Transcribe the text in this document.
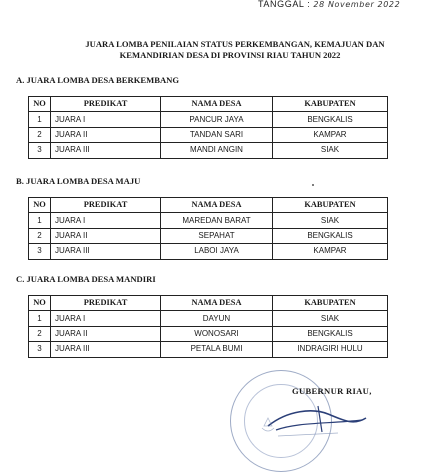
TANGGAL : 28 November 2022
JUARA LOMBA PENILAIAN STATUS PERKEMBANGAN, KEMAJUAN DAN
KEMANDIRIAN DESA DI PROVINSI RIAU TAHUN 2022
A. JUARA LOMBA DESA BERKEMBANG
NO	PREDIKAT	NAMA DESA	KABUPATEN
1	JUARA I	PANCUR JAYA	BENGKALIS
2	JUARA II	TANDAN SARI	KAMPAR
3	JUARA III	MANDI ANGIN	SIAK
B. JUARA LOMBA DESA MAJU
NO	PREDIKAT	NAMA DESA	KABUPATEN
1	JUARA I	MAREDAN BARAT	SIAK
2	JUARA II	SEPAHAT	BENGKALIS
3	JUARA III	LABOI JAYA	KAMPAR
C. JUARA LOMBA DESA MANDIRI
NO	PREDIKAT	NAMA DESA	KABUPATEN
1	JUARA I	DAYUN	SIAK
2	JUARA II	WONOSARI	BENGKALIS
3	JUARA III	PETALA BUMI	INDRAGIRI HULU
GUBERNUR RIAU,
